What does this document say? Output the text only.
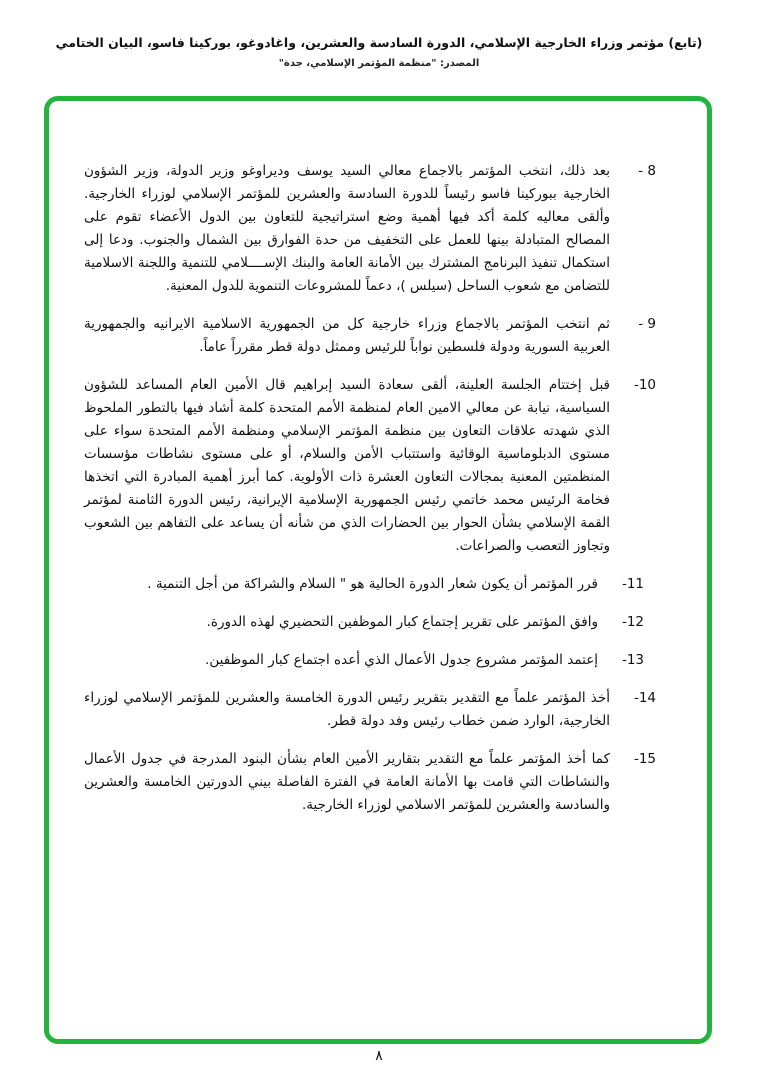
(تابع) مؤتمر وزراء الخارجية الإسلامي، الدورة السادسة والعشرين، واغادوغو، بوركينا فاسو، البيان الختامي
المصدر: "منظمة المؤتمر الإسلامي، جدة"
8 -
بعد ذلك، انتخب المؤتمر بالاجماع معالي السيد يوسف وديراوغو وزير الدولة، وزير الشؤون الخارجية ببوركينا فاسو رئيساً للدورة السادسة والعشرين للمؤتمر الإسلامي لوزراء الخارجية. وألقى معاليه كلمة أكد فيها أهمية وضع استراتيجية للتعاون بين الدول الأعضاء تقوم على المصالح المتبادلة بينها للعمل على التخفيف من حدة الفوارق بين الشمال والجنوب. ودعا إلى استكمال تنفيذ البرنامج المشترك بين الأمانة العامة والبنك الإســــلامي للتنمية واللجنة الاسلامية للتضامن مع شعوب الساحل (سيلس )، دعماً للمشروعات التنموية للدول المعنية.
9 -
ثم انتخب المؤتمر بالاجماع وزراء خارجية كل من الجمهورية الاسلامية الايرانيه والجمهورية العربية السورية ودولة فلسطين نواباً للرئيس وممثل دولة قطر مقرراً عاماً.
10-
قبل إختتام الجلسة العلينة، ألقى سعادة السيد إبراهيم قال الأمين العام المساعد للشؤون السياسية، نيابة عن معالي الامين العام لمنظمة الأمم المتحدة كلمة أشاد فيها بالتطور الملحوظ الذي شهدته علاقات التعاون بين منظمة المؤتمر الإسلامي ومنظمة الأمم المتحدة سواء على مستوى الدبلوماسية الوقائية واستتباب الأمن والسلام، أو على مستوى نشاطات مؤسسات المنظمتين المعنية بمجالات التعاون العشرة ذات الأولوية. كما أبرز أهمية المبادرة التي اتخذها فخامة الرئيس محمد خاتمي رئيس الجمهورية الإسلامية الإيرانية، رئيس الدورة الثامنة لمؤتمر القمة الإسلامي بشأن الحوار بين الحضارات الذي من شأنه أن يساعد على التفاهم بين الشعوب وتجاوز التعصب والصراعات.
11-
قرر المؤتمر أن يكون شعار الدورة الحالية هو " السلام والشراكة من أجل التنمية .
12-
وافق المؤتمر على تقرير إجتماع كبار الموظفين التحضيري لهذه الدورة.
13-
إعتمد المؤتمر مشروع جدول الأعمال الذي أعده اجتماع كبار الموظفين.
14-
أخذ المؤتمر علماً مع التقدير بتقرير رئيس الدورة الخامسة والعشرين للمؤتمر الإسلامي لوزراء الخارجية، الوارد ضمن خطاب رئيس وفد دولة قطر.
15-
كما أخذ المؤتمر علماً مع التقدير بتقارير الأمين العام بشأن البنود المدرجة في جدول الأعمال والنشاطات التي قامت بها الأمانة العامة في الفترة الفاصلة بيني الدورتين الخامسة والعشرين والسادسة والعشرين للمؤتمر الاسلامي لوزراء الخارجية.
٨
